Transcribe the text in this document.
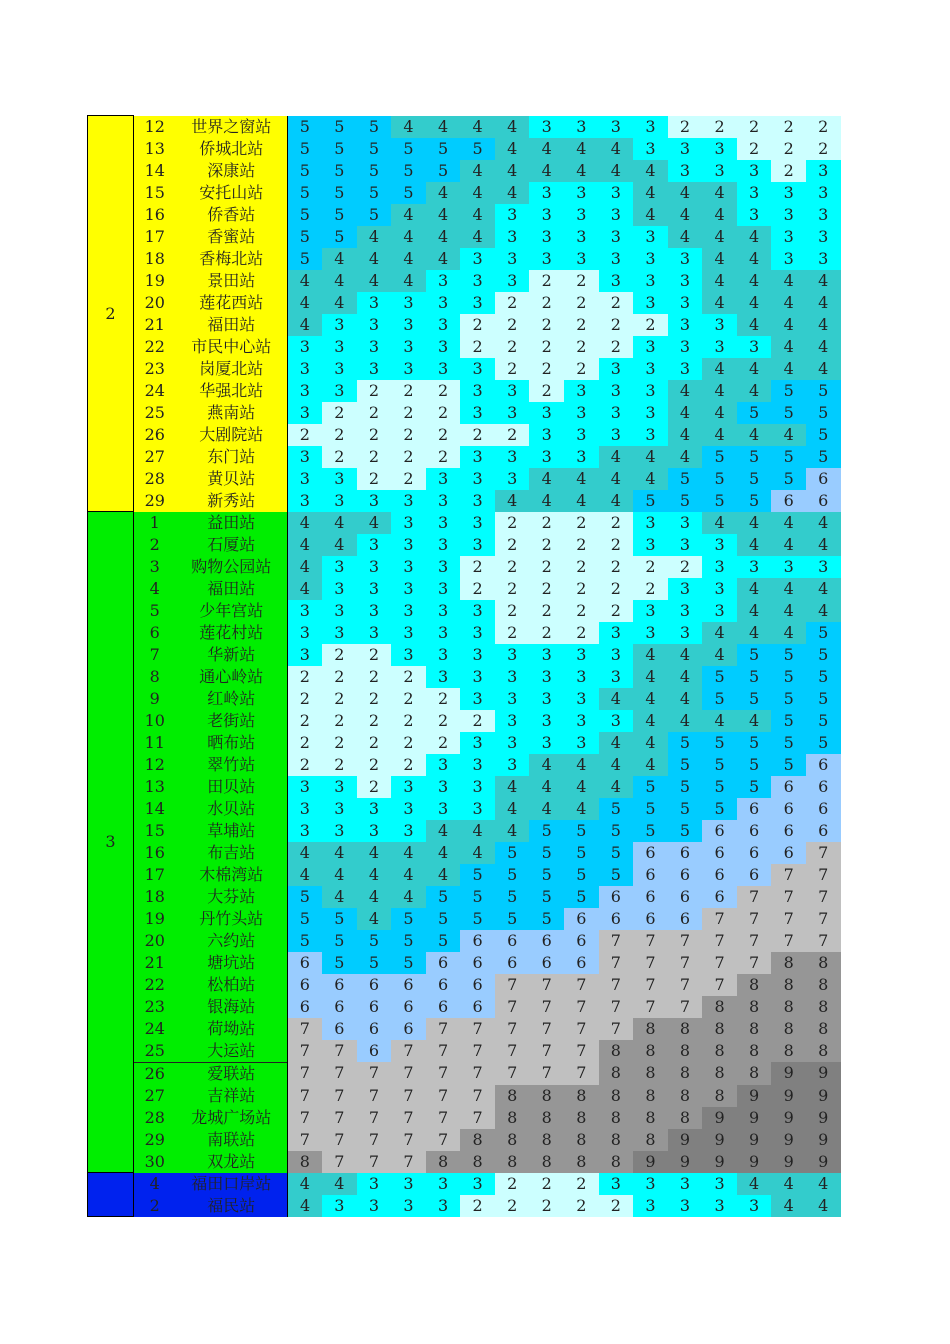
2	12	世界之窗站	5	5	5	4	4	4	4	3	3	3	3	2	2	2	2	2
	13	侨城北站	5	5	5	5	5	5	4	4	4	4	3	3	3	2	2	2
	14	深康站	5	5	5	5	5	4	4	4	4	4	4	3	3	3	2	3
	15	安托山站	5	5	5	5	4	4	4	3	3	3	4	4	4	3	3	3
	16	侨香站	5	5	5	4	4	4	3	3	3	3	4	4	4	3	3	3
	17	香蜜站	5	5	4	4	4	4	3	3	3	3	3	4	4	4	3	3
	18	香梅北站	5	4	4	4	4	3	3	3	3	3	3	3	4	4	3	3
	19	景田站	4	4	4	4	3	3	3	2	2	3	3	3	4	4	4	4
	20	莲花西站	4	4	3	3	3	3	2	2	2	2	3	3	4	4	4	4
	21	福田站	4	3	3	3	3	2	2	2	2	2	2	3	3	4	4	4
	22	市民中心站	3	3	3	3	3	2	2	2	2	2	3	3	3	3	4	4
	23	岗厦北站	3	3	3	3	3	3	2	2	2	3	3	3	4	4	4	4
	24	华强北站	3	3	2	2	2	3	3	2	3	3	3	4	4	4	5	5
	25	燕南站	3	2	2	2	2	3	3	3	3	3	3	4	4	5	5	5
	26	大剧院站	2	2	2	2	2	2	2	3	3	3	3	4	4	4	4	5
	27	东门站	3	2	2	2	2	3	3	3	3	4	4	4	5	5	5	5
	28	黄贝站	3	3	2	2	3	3	3	4	4	4	4	5	5	5	5	6
	29	新秀站	3	3	3	3	3	3	4	4	4	4	5	5	5	5	6	6
3	1	益田站	4	4	4	3	3	3	2	2	2	2	3	3	4	4	4	4
	2	石厦站	4	4	3	3	3	3	2	2	2	2	3	3	3	4	4	4
	3	购物公园站	4	3	3	3	3	2	2	2	2	2	2	2	3	3	3	3
	4	福田站	4	3	3	3	3	2	2	2	2	2	2	3	3	4	4	4
	5	少年宫站	3	3	3	3	3	3	2	2	2	2	3	3	3	4	4	4
	6	莲花村站	3	3	3	3	3	3	2	2	2	3	3	3	4	4	4	5
	7	华新站	3	2	2	3	3	3	3	3	3	3	4	4	4	5	5	5
	8	通心岭站	2	2	2	2	3	3	3	3	3	3	4	4	5	5	5	5
	9	红岭站	2	2	2	2	2	3	3	3	3	4	4	4	5	5	5	5
	10	老街站	2	2	2	2	2	2	3	3	3	3	4	4	4	4	5	5
	11	晒布站	2	2	2	2	2	3	3	3	3	4	4	5	5	5	5	5
	12	翠竹站	2	2	2	2	3	3	3	4	4	4	4	5	5	5	5	6
	13	田贝站	3	3	2	3	3	3	4	4	4	4	5	5	5	5	6	6
	14	水贝站	3	3	3	3	3	3	4	4	4	5	5	5	5	6	6	6
	15	草埔站	3	3	3	3	4	4	4	5	5	5	5	5	6	6	6	6
	16	布吉站	4	4	4	4	4	4	5	5	5	5	6	6	6	6	6	7
	17	木棉湾站	4	4	4	4	4	5	5	5	5	5	6	6	6	6	7	7
	18	大芬站	5	4	4	4	5	5	5	5	5	6	6	6	6	7	7	7
	19	丹竹头站	5	5	4	5	5	5	5	5	6	6	6	6	7	7	7	7
	20	六约站	5	5	5	5	5	6	6	6	6	7	7	7	7	7	7	7
	21	塘坑站	6	5	5	5	6	6	6	6	6	7	7	7	7	7	8	8
	22	松柏站	6	6	6	6	6	6	7	7	7	7	7	7	7	8	8	8
	23	银海站	6	6	6	6	6	6	7	7	7	7	7	7	8	8	8	8
	24	荷坳站	7	6	6	6	7	7	7	7	7	7	8	8	8	8	8	8
	25	大运站	7	7	6	7	7	7	7	7	7	8	8	8	8	8	8	8
	26	爱联站	7	7	7	7	7	7	7	7	7	8	8	8	8	8	9	9
	27	吉祥站	7	7	7	7	7	7	8	8	8	8	8	8	8	9	9	9
	28	龙城广场站	7	7	7	7	7	7	8	8	8	8	8	8	9	9	9	9
	29	南联站	7	7	7	7	7	8	8	8	8	8	8	9	9	9	9	9
	30	双龙站	8	7	7	7	8	8	8	8	8	8	9	9	9	9	9	9
	4	福田口岸站	4	4	3	3	3	3	2	2	2	3	3	3	3	4	4	4
	2	福民站	4	3	3	3	3	2	2	2	2	2	3	3	3	3	4	4
